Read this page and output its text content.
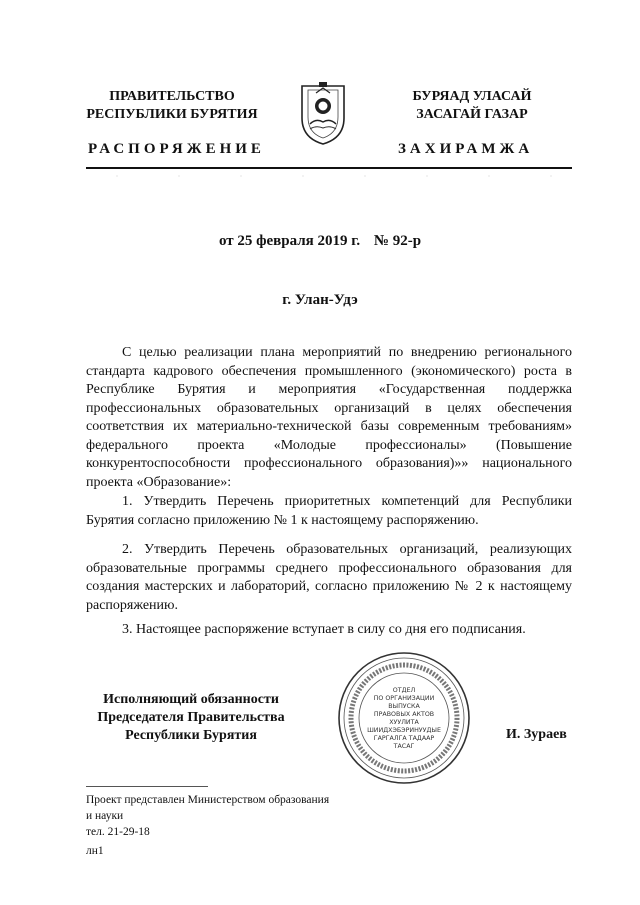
ПРАВИТЕЛЬСТВО
РЕСПУБЛИКИ БУРЯТИЯ
БУРЯАД УЛАСАЙ
ЗАСАГАЙ ГАЗАР
РАСПОРЯЖЕНИЕ	ЗАХИРАМЖА
от 25 февраля 2019 г. № 92-р
г. Улан-Удэ

С целью реализации плана мероприятий по внедрению регионального стандарта кадрового обеспечения промышленного (экономического) роста в Республике Бурятия и мероприятия «Государственная поддержка профессиональных образовательных организаций в целях обеспечения соответствия их материально-технической базы современным требованиям» федерального проекта «Молодые профессионалы» (Повышение конкурентоспособности профессионального образования)»» национального проекта «Образование»:

1. Утвердить Перечень приоритетных компетенций для Республики Бурятия согласно приложению № 1 к настоящему распоряжению.

2. Утвердить Перечень образовательных организаций, реализующих образовательные программы среднего профессионального образования для создания мастерских и лабораторий, согласно приложению № 2 к настоящему распоряжению.

3. Настоящее распоряжение вступает в силу со дня его подписания.

Исполняющий обязанности
Председателя Правительства
Республики Бурятия
ОТДЕЛ
ПО ОРГАНИЗАЦИИ
ВЫПУСКА
ПРАВОВЫХ АКТОВ
ХУУЛИТА
ШИИДХЭБЭРИНУУДЫЕ
ГАРГАЛГА ТАДААР
ТАСАГ
И. Зураев
Проект представлен Министерством образования
и науки
тел. 21-29-18
лн1
